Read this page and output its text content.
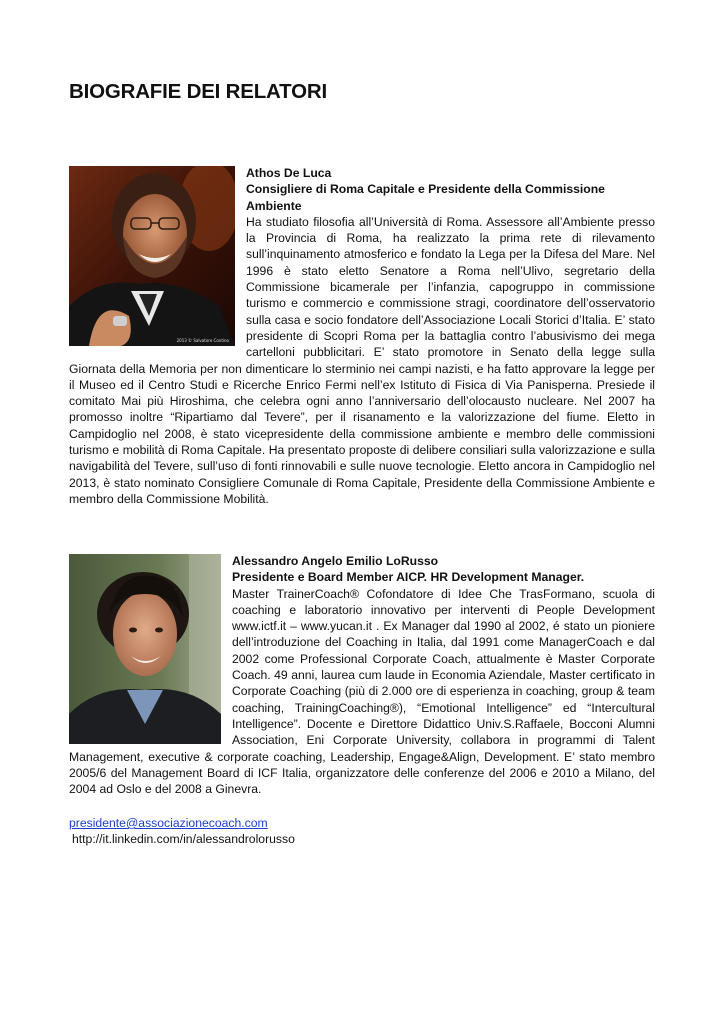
BIOGRAFIE DEI RELATORI
2013 © Salvatore Contino
Athos De Luca
Consigliere di Roma Capitale e Presidente della Commissione Ambiente
Ha studiato filosofia all’Università di Roma. Assessore all’Ambiente presso la Provincia di Roma, ha realizzato la prima rete di rilevamento sull’inquinamento atmosferico e fondato la Lega per la Difesa del Mare. Nel 1996 è stato eletto Senatore a Roma nell’Ulivo, segretario della Commissione bicamerale per l’infanzia, capogruppo in commissione turismo e commercio e commissione stragi, coordinatore dell’osservatorio sulla casa e socio fondatore dell’Associazione Locali Storici d’Italia. E’ stato presidente di Scopri Roma per la battaglia contro l’abusivismo dei mega cartelloni pubblicitari. E’ stato promotore in Senato della legge sulla Giornata della Memoria per non dimenticare lo sterminio nei campi nazisti, e ha fatto approvare la legge per il Museo ed il Centro Studi e Ricerche Enrico Fermi nell’ex Istituto di Fisica di Via Panisperna. Presiede il comitato Mai più Hiroshima, che celebra ogni anno l’anniversario dell’olocausto nucleare. Nel 2007 ha promosso inoltre “Ripartiamo dal Tevere”, per il risanamento e la valorizzazione del fiume. Eletto in Campidoglio nel 2008, è stato vicepresidente della commissione ambiente e membro delle commissioni turismo e mobilità di Roma Capitale. Ha presentato proposte di delibere consiliari sulla valorizzazione e sulla navigabilità del Tevere, sull’uso di fonti rinnovabili e sulle nuove tecnologie. Eletto ancora in Campidoglio nel 2013, è stato nominato Consigliere Comunale di Roma Capitale, Presidente della Commissione Ambiente e membro della Commissione Mobilità.
Alessandro Angelo Emilio LoRusso
Presidente e Board Member AICP. HR Development Manager.
Master TrainerCoach® Cofondatore di Idee Che TrasFormano, scuola di coaching e laboratorio innovativo per interventi di People Development www.ictf.it – www.yucan.it . Ex Manager dal 1990 al 2002, é stato un pioniere dell’introduzione del Coaching in Italia, dal 1991 come ManagerCoach e dal 2002 come Professional Corporate Coach, attualmente è Master Corporate Coach. 49 anni, laurea cum laude in Economia Aziendale, Master certificato in Corporate Coaching (più di 2.000 ore di esperienza in coaching, group & team coaching, TrainingCoaching®), “Emotional Intelligence” ed “Intercultural Intelligence”. Docente e Direttore Didattico Univ.S.Raffaele, Bocconi Alumni Association, Eni Corporate University, collabora in programmi di Talent Management, executive & corporate coaching, Leadership, Engage&Align, Development. E’ stato membro 2005/6 del Management Board di ICF Italia, organizzatore delle conferenze del 2006 e 2010 a Milano, del 2004 ad Oslo e del 2008 a Ginevra.
presidente@associazionecoach.com
http://it.linkedin.com/in/alessandrolorusso
